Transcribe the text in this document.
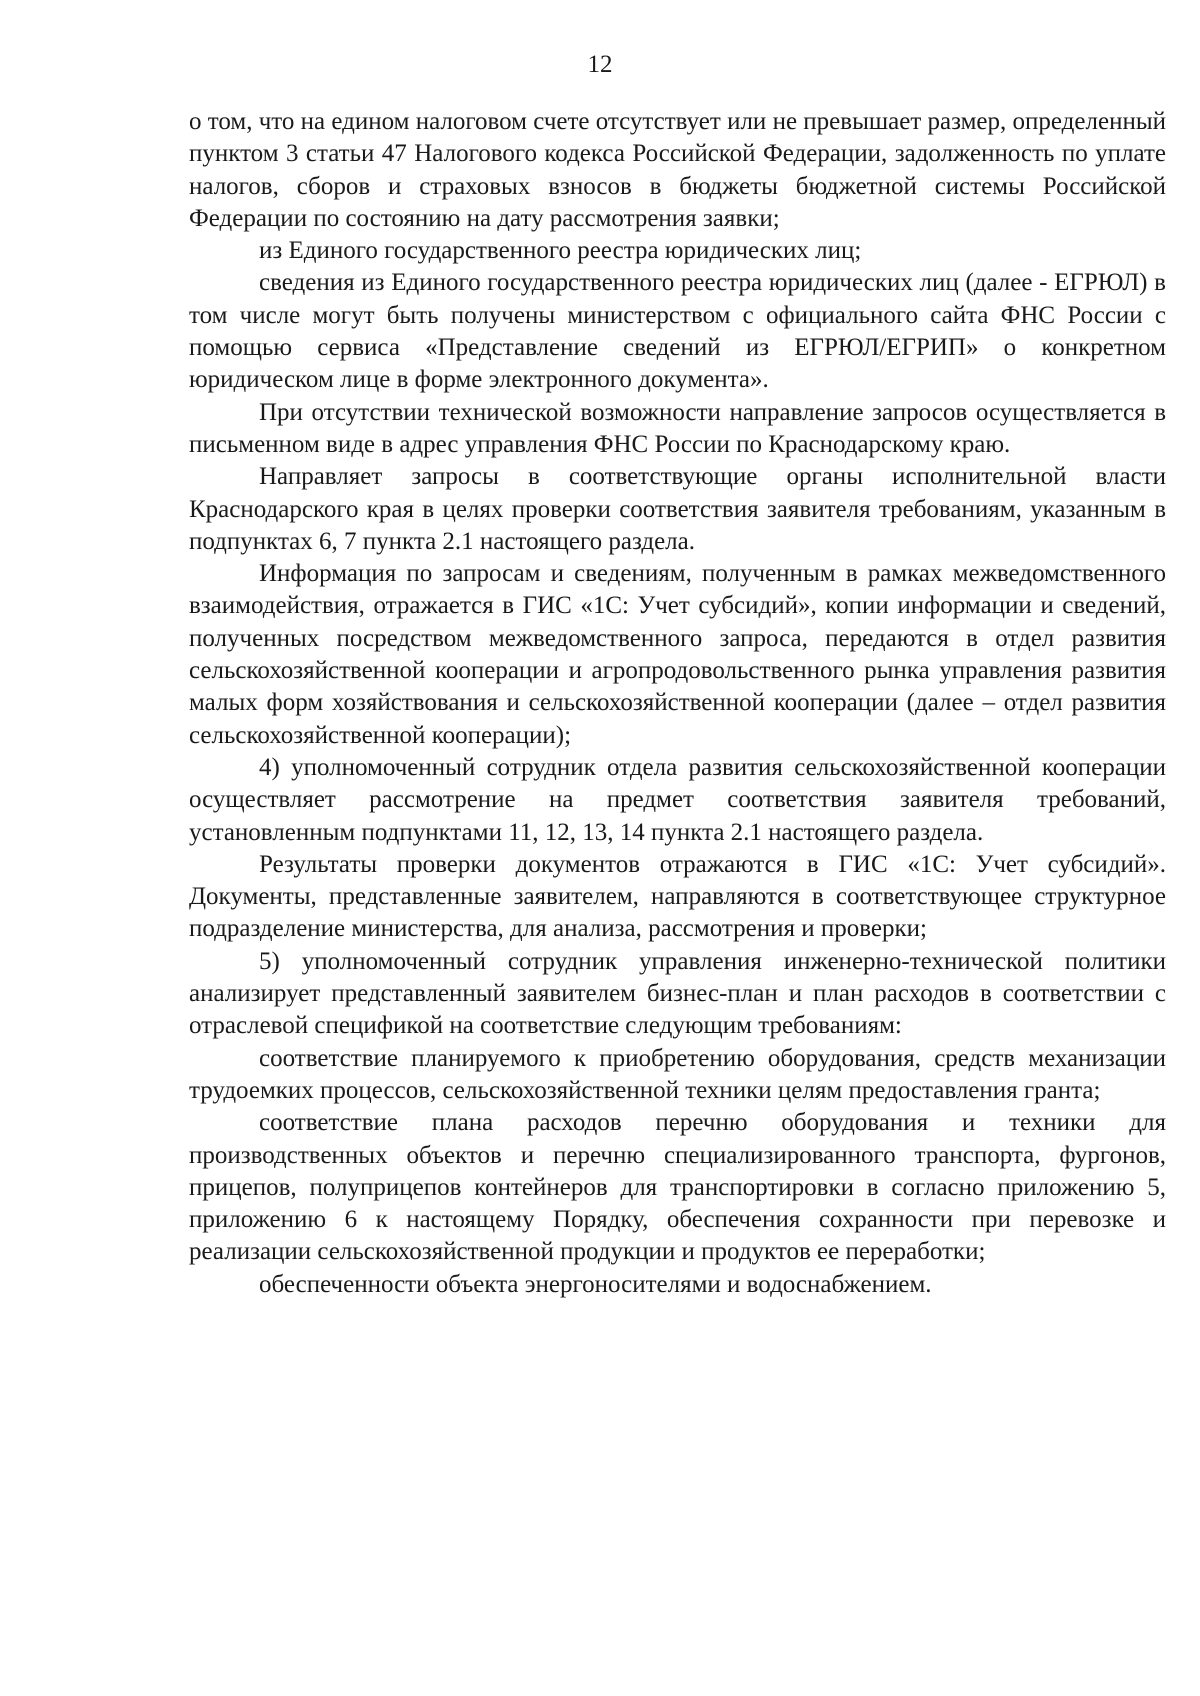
12

о том, что на едином налоговом счете отсутствует или не превышает размер, определенный пунктом 3 статьи 47 Налогового кодекса Российской Федерации, задолженность по уплате налогов, сборов и страховых взносов в бюджеты бюджетной системы Российской Федерации по состоянию на дату рассмотрения заявки;

из Единого государственного реестра юридических лиц;

сведения из Единого государственного реестра юридических лиц (далее - ЕГРЮЛ) в том числе могут быть получены министерством с официального сайта ФНС России с помощью сервиса «Представление сведений из ЕГРЮЛ/ЕГРИП» о конкретном юридическом лице в форме электронного документа».

При отсутствии технической возможности направление запросов осуществляется в письменном виде в адрес управления ФНС России по Краснодарскому краю.

Направляет запросы в соответствующие органы исполнительной власти Краснодарского края в целях проверки соответствия заявителя требованиям, указанным в подпунктах 6, 7 пункта 2.1 настоящего раздела.

Информация по запросам и сведениям, полученным в рамках межведомственного взаимодействия, отражается в ГИС «1С: Учет субсидий», копии информации и сведений, полученных посредством межведомственного запроса, передаются в отдел развития сельскохозяйственной кооперации и агропродовольственного рынка управления развития малых форм хозяйствования и сельскохозяйственной кооперации (далее – отдел развития сельскохозяйственной кооперации);

4) уполномоченный сотрудник отдела развития сельскохозяйственной кооперации осуществляет рассмотрение на предмет соответствия заявителя требований, установленным подпунктами 11, 12, 13, 14 пункта 2.1 настоящего раздела.

Результаты проверки документов отражаются в ГИС «1С: Учет субсидий». Документы, представленные заявителем, направляются в соответствующее структурное подразделение министерства, для анализа, рассмотрения и проверки;

5) уполномоченный сотрудник управления инженерно-технической политики анализирует представленный заявителем бизнес-план и план расходов в соответствии с отраслевой спецификой на соответствие следующим требованиям:

соответствие планируемого к приобретению оборудования, средств механизации трудоемких процессов, сельскохозяйственной техники целям предоставления гранта;

соответствие плана расходов перечню оборудования и техники для производственных объектов и перечню специализированного транспорта, фургонов, прицепов, полуприцепов контейнеров для транспортировки в согласно приложению 5, приложению 6 к настоящему Порядку, обеспечения сохранности при перевозке и реализации сельскохозяйственной продукции и продуктов ее переработки;

обеспеченности объекта энергоносителями и водоснабжением.
